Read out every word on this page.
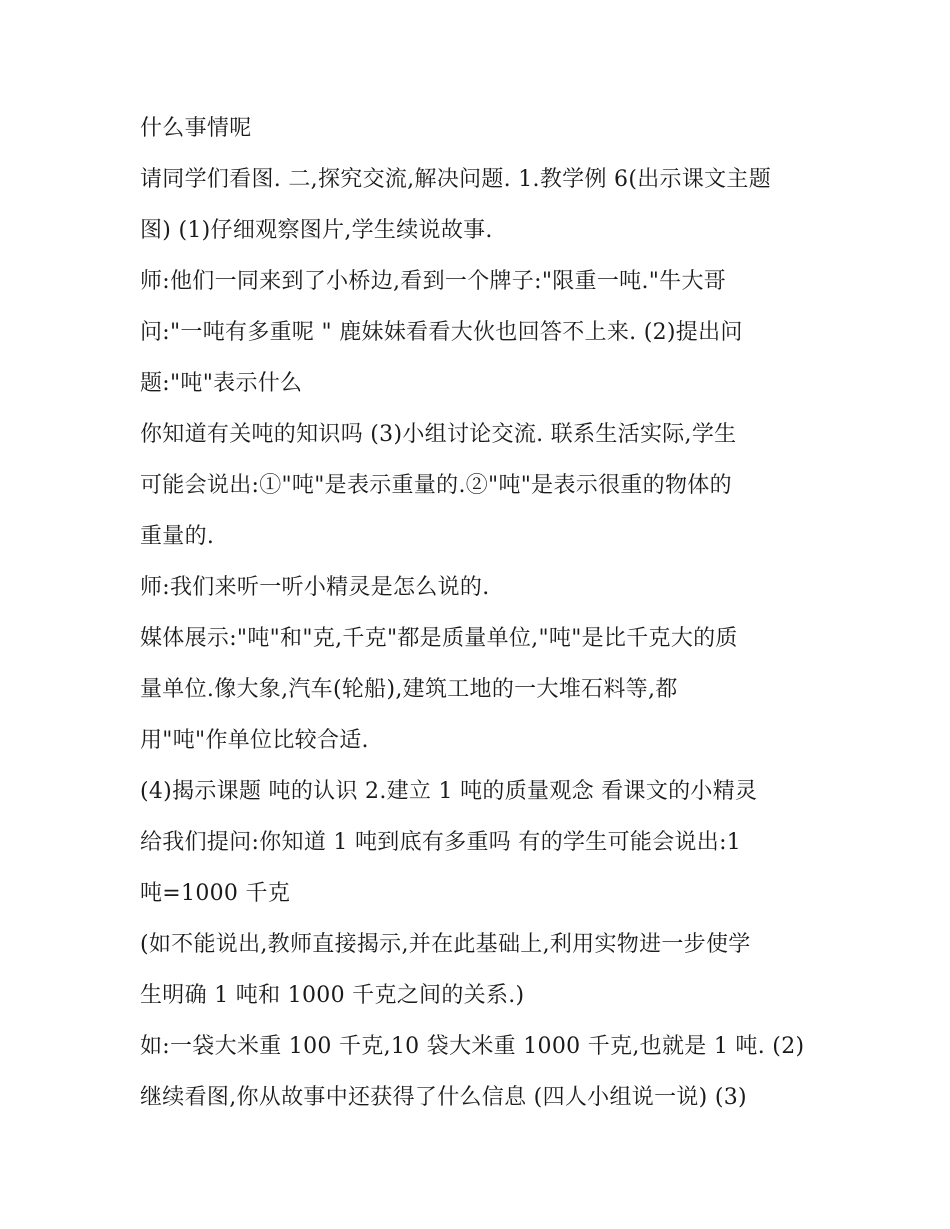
什么事情呢
请同学们看图. 二,探究交流,解决问题. 1.教学例 6(出示课文主题
图) (1)仔细观察图片,学生续说故事.
师:他们一同来到了小桥边,看到一个牌子:"限重一吨."牛大哥
问:"一吨有多重呢 " 鹿妹妹看看大伙也回答不上来. (2)提出问
题:"吨"表示什么
你知道有关吨的知识吗 (3)小组讨论交流. 联系生活实际,学生
可能会说出:①"吨"是表示重量的.②"吨"是表示很重的物体的
重量的.
师:我们来听一听小精灵是怎么说的.
媒体展示:"吨"和"克,千克"都是质量单位,"吨"是比千克大的质
量单位.像大象,汽车(轮船),建筑工地的一大堆石料等,都
用"吨"作单位比较合适.
(4)揭示课题 吨的认识 2.建立 1 吨的质量观念 看课文的小精灵
给我们提问:你知道 1 吨到底有多重吗 有的学生可能会说出:1
吨=1000 千克
(如不能说出,教师直接揭示,并在此基础上,利用实物进一步使学
生明确 1 吨和 1000 千克之间的关系.)
如:一袋大米重 100 千克,10 袋大米重 1000 千克,也就是 1 吨. (2)
继续看图,你从故事中还获得了什么信息 (四人小组说一说) (3)
